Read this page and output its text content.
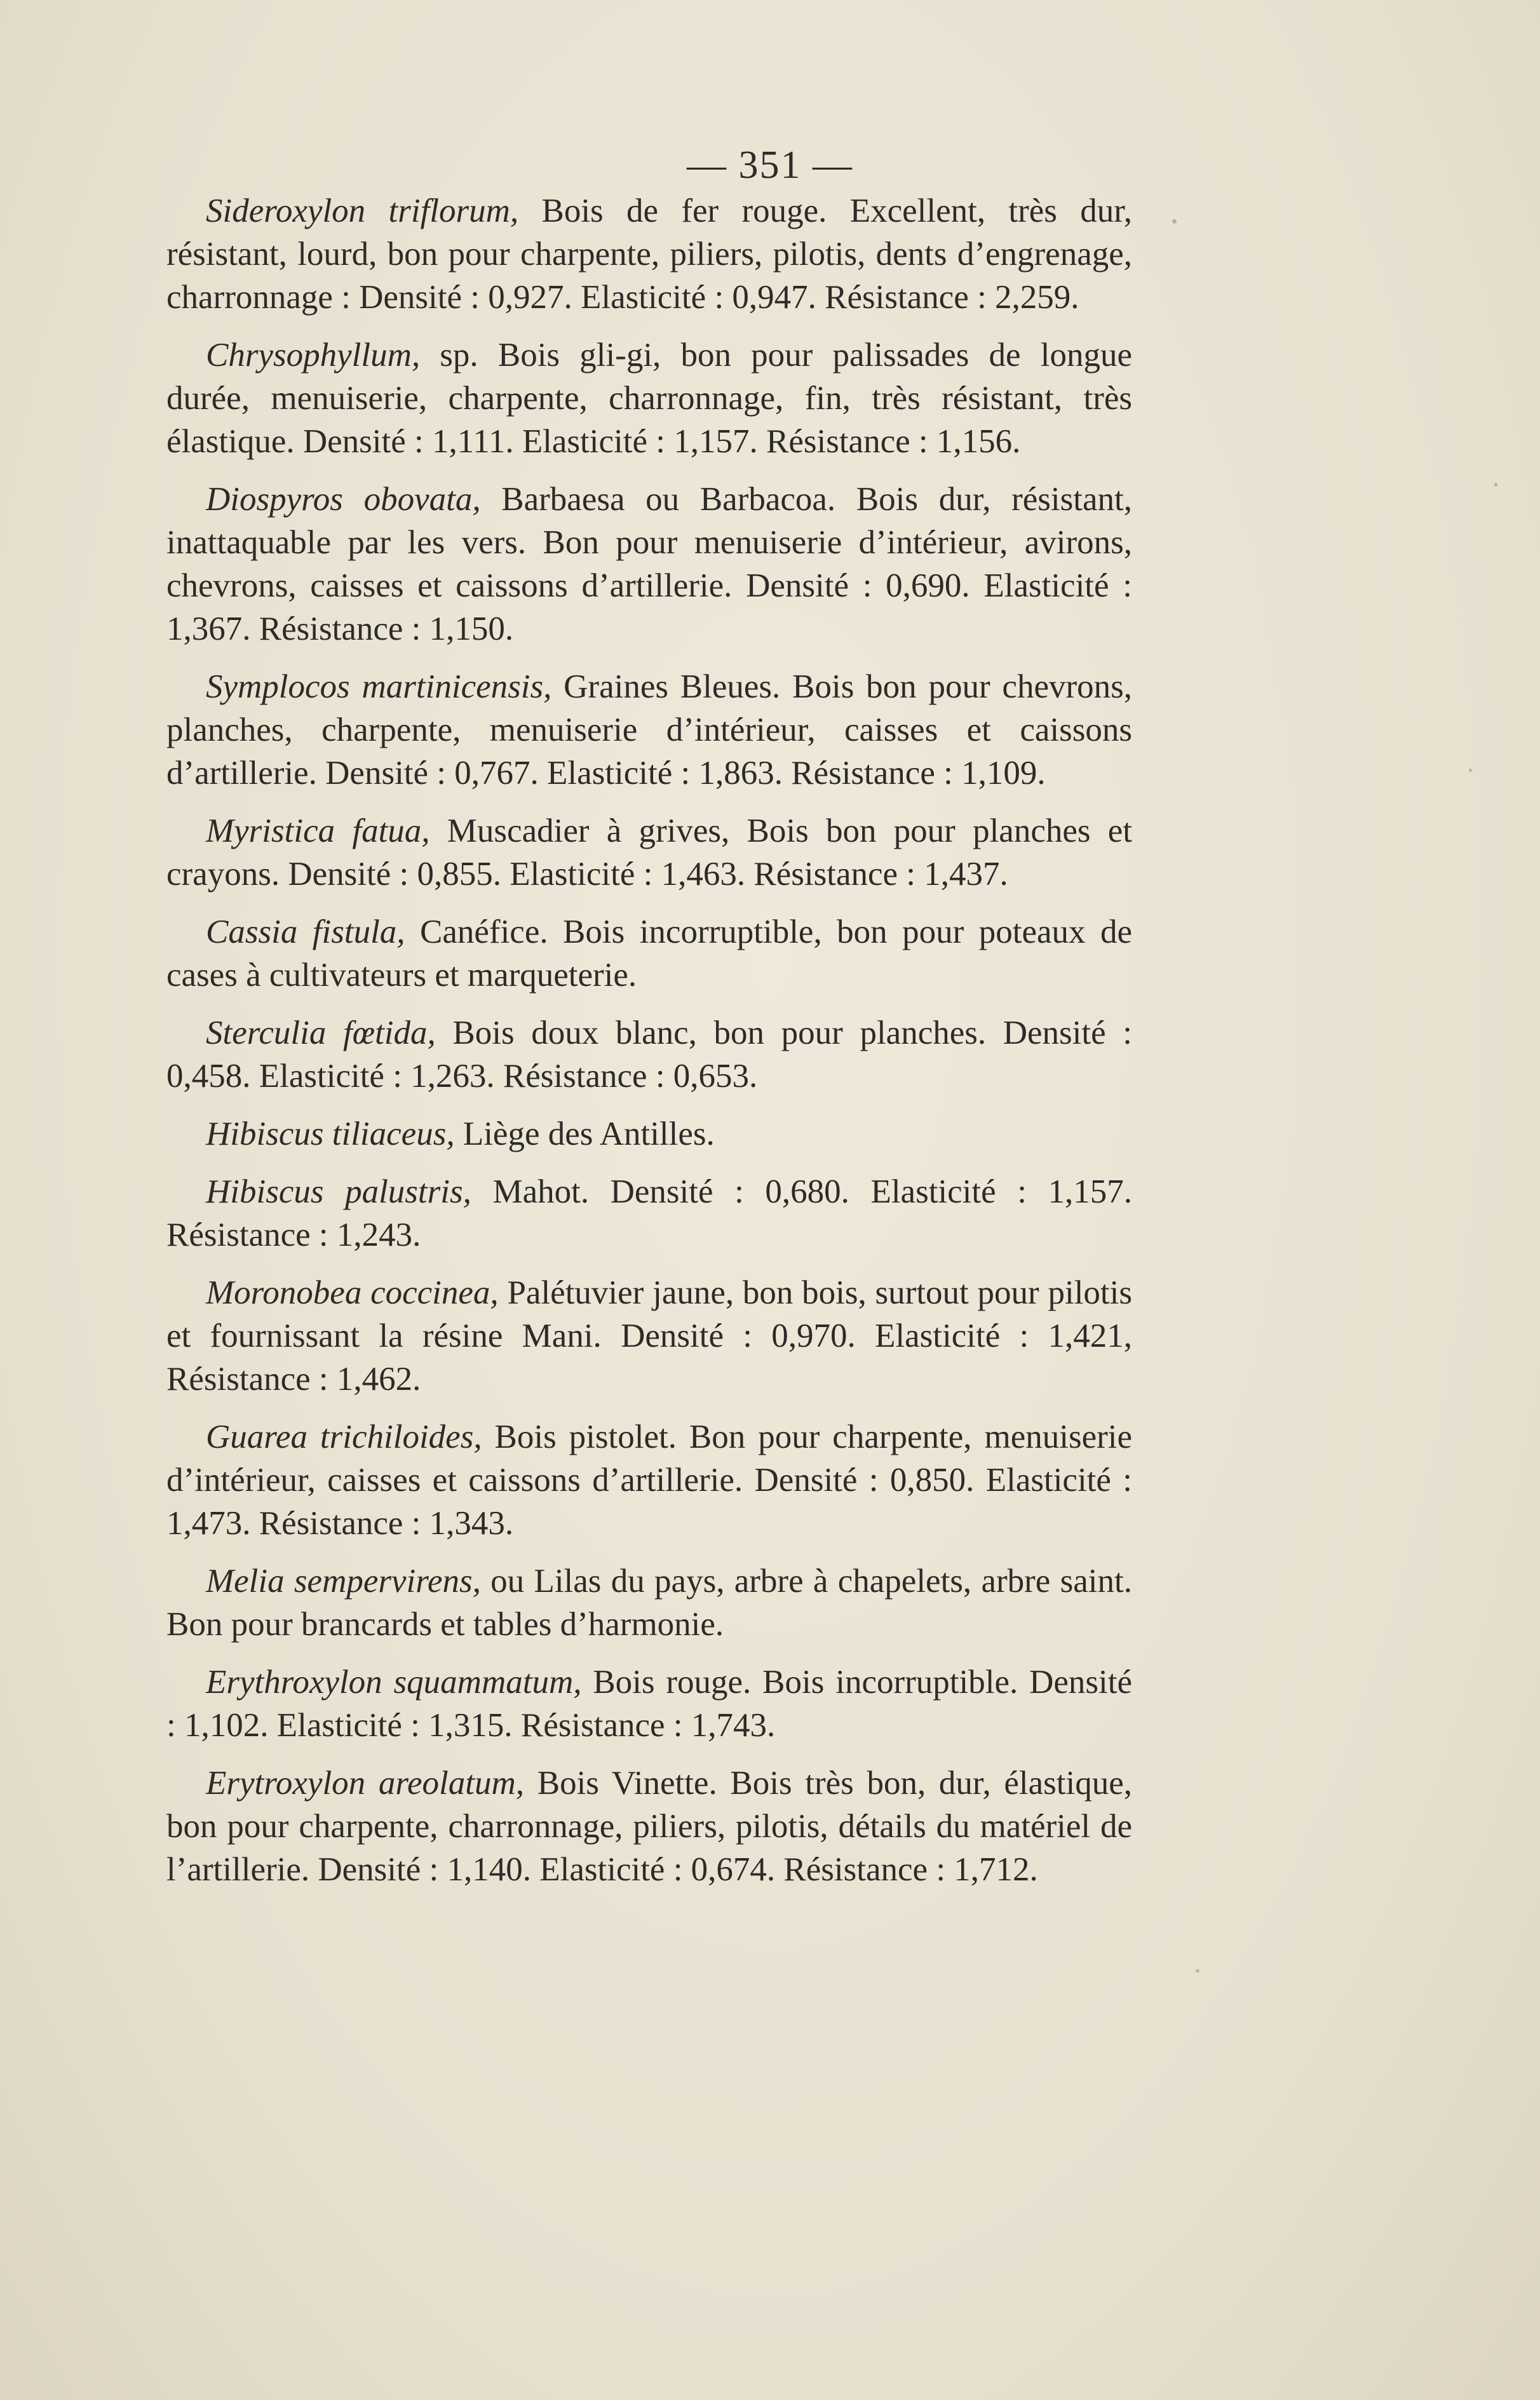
— 351 —

Sideroxylon triflorum, Bois de fer rouge. Excellent, très dur, résistant, lourd, bon pour charpente, piliers, pilotis, dents d’engrenage, charronnage : Densité : 0,927. Elasticité : 0,947. Résistance : 2,259.

Chrysophyllum, sp. Bois gli-gi, bon pour palissades de longue durée, menuiserie, charpente, charronnage, fin, très résistant, très élastique. Densité : 1,111. Elasticité : 1,157. Résistance : 1,156.

Diospyros obovata, Barbaesa ou Barbacoa. Bois dur, résistant, inattaquable par les vers. Bon pour menuiserie d’intérieur, avirons, chevrons, caisses et caissons d’artillerie. Densité : 0,690. Elasticité : 1,367. Résistance : 1,150.

Symplocos martinicensis, Graines Bleues. Bois bon pour chevrons, planches, charpente, menuiserie d’intérieur, caisses et caissons d’artillerie. Densité : 0,767. Elasticité : 1,863. Résistance : 1,109.

Myristica fatua, Muscadier à grives, Bois bon pour planches et crayons. Densité : 0,855. Elasticité : 1,463. Résistance : 1,437.

Cassia fistula, Canéfice. Bois incorruptible, bon pour poteaux de cases à cultivateurs et marqueterie.

Sterculia fœtida, Bois doux blanc, bon pour planches. Densité : 0,458. Elasticité : 1,263. Résistance : 0,653.

Hibiscus tiliaceus, Liège des Antilles.

Hibiscus palustris, Mahot. Densité : 0,680. Elasticité : 1,157. Résistance : 1,243.

Moronobea coccinea, Palétuvier jaune, bon bois, surtout pour pilotis et fournissant la résine Mani. Densité : 0,970. Elasticité : 1,421, Résistance : 1,462.

Guarea trichiloides, Bois pistolet. Bon pour charpente, menuiserie d’intérieur, caisses et caissons d’artillerie. Densité : 0,850. Elasticité : 1,473. Résistance : 1,343.

Melia sempervirens, ou Lilas du pays, arbre à chapelets, arbre saint. Bon pour brancards et tables d’harmonie.

Erythroxylon squammatum, Bois rouge. Bois incorruptible. Densité : 1,102. Elasticité : 1,315. Résistance : 1,743.

Erytroxylon areolatum, Bois Vinette. Bois très bon, dur, élastique, bon pour charpente, charronnage, piliers, pilotis, détails du matériel de l’artillerie. Densité : 1,140. Elasticité : 0,674. Résistance : 1,712.
